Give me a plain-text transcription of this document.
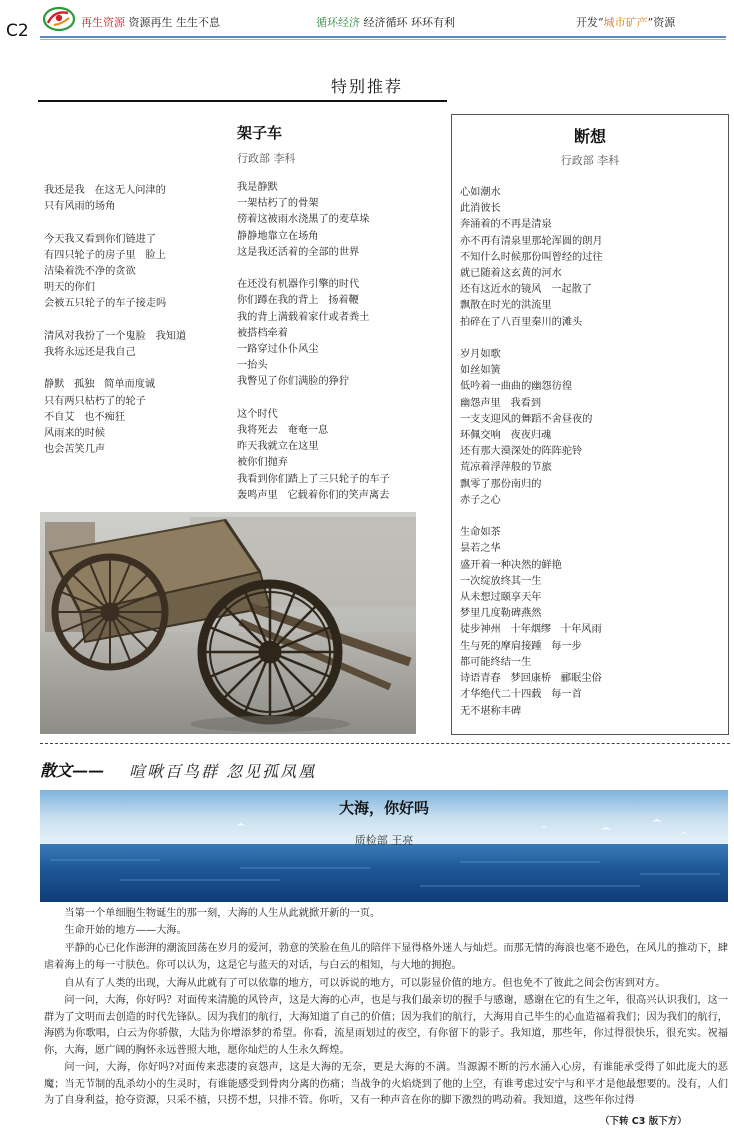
C2	再生资源 资源再生 生生不息	循环经济 经济循环 环环有利	开发“城市矿产”资源
特别推荐
架子车
行政部 李科
我还是我   在这无人问津的
只有风雨的场角

今天我又看到你们链进了
有四只轮子的房子里   脸上
洁染着洗不净的贪欲
明天的你们
会被五只轮子的车子接走吗

清风对我扮了一个鬼脸   我知道
我将永远还是我自己

静默   孤独   简单而度诚
只有两只枯朽了的轮子
不自艾   也不痴狂
风雨来的时候
也会苦笑几声
我是静默
一架枯朽了的骨架
傍着这被雨水浇黑了的麦草垛
静静地靠立在场角
这是我还活着的全部的世界

在还没有机器作引擎的时代
你们蹲在我的背上   扬着鞭
我的背上满载着家什或者粪土
被搭档牵着
一路穿过仆仆风尘
一抬头
我瞥见了你们满脸的狰狞

这个时代
我将死去   奄奄一息
昨天我就立在这里
被你们抛弃
我看到你们踏上了三只轮子的车子
轰鸣声里   它载着你们的笑声离去
断想
行政部 李科
心如潮水
此消彼长
奔涌着的不再是清泉
亦不再有清泉里那轮浑圆的朗月
不知什么时候那份叫曾经的过往
就已随着这玄黄的河水
还有这近水的镜风   一起散了
飘散在时光的洪流里
拍碎在了八百里秦川的滩头

岁月如歌
如丝如簧
低吟着一曲曲的幽怨彷徨
幽怨声里   我看到
一支支迎风的舞蹈不舍昼夜的
环佩交响   夜夜归魂
还有那大漠深处的阵阵驼铃
荒凉着浮萍般的节旅
飘零了那份南归的
赤子之心

生命如茶
昙若之华
盛开着一种决然的鲜艳
一次绽放终其一生
从未想过颐享天年
梦里几度勒碑燕然
徒步神州   十年烟缪   十年风雨
生与死的摩肩接踵   每一步
都可能终结一生
诗语青春   梦回康桥   郦眠尘俗
才华绝代二十四载   每一首
无不堪称丰碑
散文—— 喧啾百鸟群 忽见孤凤凰
大海，你好吗
质检部 王亮
当第一个单细胞生物诞生的那一刻，大海的人生从此就掀开新的一页。
生命开始的地方——大海。
平静的心已化作澎湃的潮流回荡在岁月的爱河，勃意的笑脸在鱼儿的陪伴下显得格外迷人与灿烂。而那无情的海浪也毫不逊色，在风儿的推动下，肆虐着海上的每一寸肤色。你可以认为，这是它与蓝天的对话，与白云的相知，与大地的拥抱。
自从有了人类的出现，大海从此就有了可以依靠的地方，可以诉说的地方，可以影显价值的地方。但也免不了彼此之间会伤害到对方。
问一问，大海，你好吗？对面传来清脆的风铃声，这是大海的心声，也是与我们最亲切的握手与感谢，感谢在它的有生之年，很高兴认识我们，这一群为了文明而去创造的时代先锋队。因为我们的航行，大海知道了自己的价值；因为我们的航行，大海用自己毕生的心血造福着我们；因为我们的航行，海鸥为你歌唱，白云为你骄傲，大陆为你增添梦的希望。你看，流星雨划过的夜空，有你留下的影子。我知道，那些年，你过得很快乐，很充实。祝福你，大海，愿广阔的胸怀永远普照大地，愿你灿烂的人生永久辉煌。
问一问，大海，你好吗?对面传来悲凄的哀怨声，这是大海的无奈，更是大海的不满。当源源不断的污水涌入心房，有谁能承受得了如此庞大的恶魔；当无节制的乱杀幼小的生灵时，有谁能感受到骨肉分离的伤痛；当战争的火焰烧到了他的上空，有谁考虑过安宁与和平才是他最想要的。没有，人们为了自身利益，抢夺资源，只采不植，只捞不想，只排不管。你听，又有一种声音在你的脚下激烈的鸣动着。我知道，这些年你过得
（下转 C3 版下方）
